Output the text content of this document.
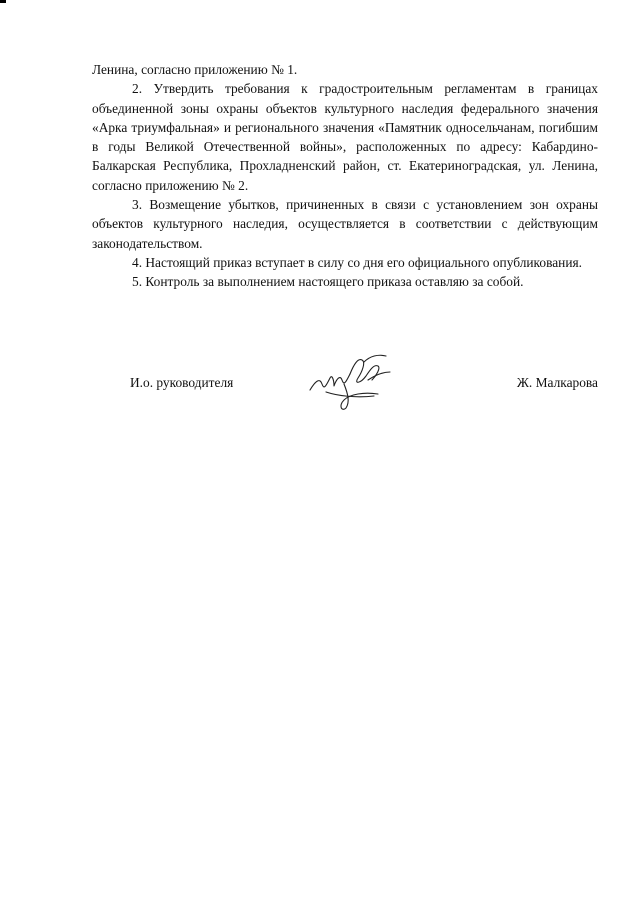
Ленина, согласно приложению № 1.

2. Утвердить требования к градостроительным регламентам в границах объединенной зоны охраны объектов культурного наследия федерального значения «Арка триумфальная» и регионального значения «Памятник односельчанам, погибшим в годы Великой Отечественной войны», расположенных по адресу: Кабардино-Балкарская Республика, Прохладненский район, ст. Екатериноградская, ул. Ленина, согласно приложению № 2.

3. Возмещение убытков, причиненных в связи с установлением зон охраны объектов культурного наследия, осуществляется в соответствии с действующим законодательством.

4. Настоящий приказ вступает в силу со дня его официального опубликования.

5. Контроль за выполнением настоящего приказа оставляю за собой.

И.о. руководителя	Ж. Малкарова
